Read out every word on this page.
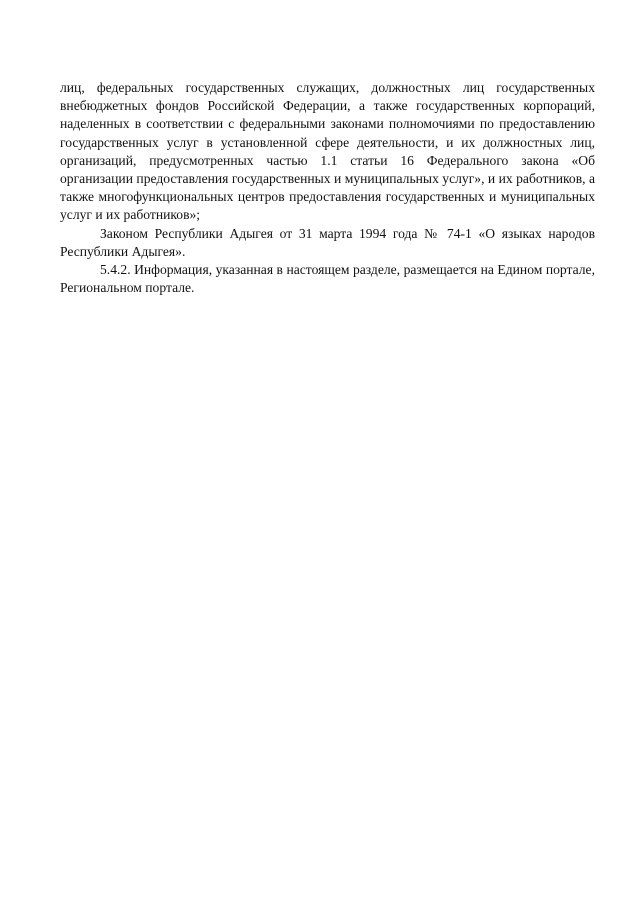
лиц, федеральных государственных служащих, должностных лиц государственных внебюджетных фондов Российской Федерации, а также государственных корпораций, наделенных в соответствии с федеральными законами полномочиями по предоставлению государственных услуг в установленной сфере деятельности, и их должностных лиц, организаций, предусмотренных частью 1.1 статьи 16 Федерального закона «Об организации предоставления государственных и муниципальных услуг», и их работников, а также многофункциональных центров предоставления государственных и муниципальных услуг и их работников»;

Законом Республики Адыгея от 31 марта 1994 года № 74-1 «О языках народов Республики Адыгея».

5.4.2. Информация, указанная в настоящем разделе, размещается на Едином портале, Региональном портале.
